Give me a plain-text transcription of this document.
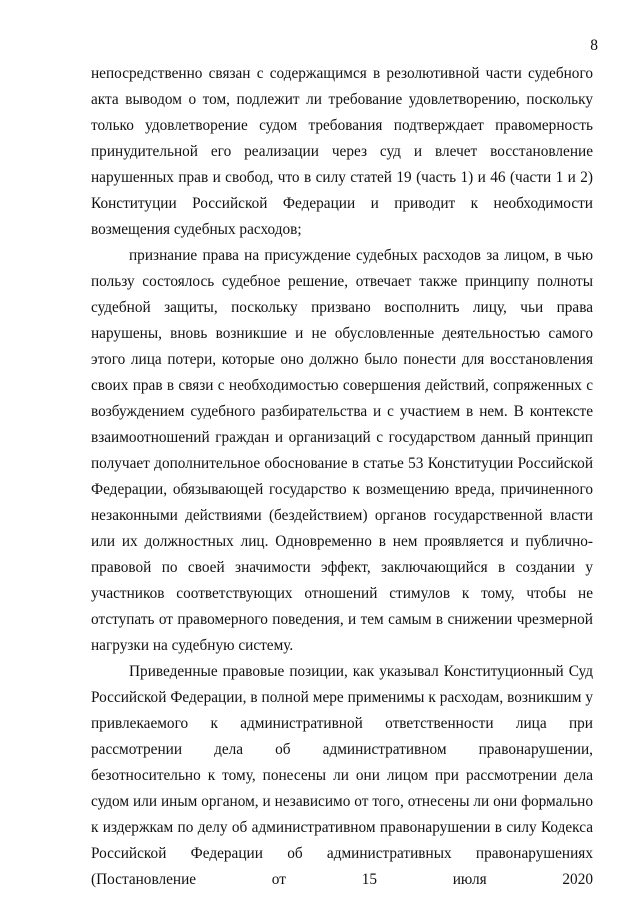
8

непосредственно связан с содержащимся в резолютивной части судебного акта выводом о том, подлежит ли требование удовлетворению, поскольку только удовлетворение судом требования подтверждает правомерность принудительной его реализации через суд и влечет восстановление нарушенных прав и свобод, что в силу статей 19 (часть 1) и 46 (части 1 и 2) Конституции Российской Федерации и приводит к необходимости возмещения судебных расходов;

признание права на присуждение судебных расходов за лицом, в чью пользу состоялось судебное решение, отвечает также принципу полноты судебной защиты, поскольку призвано восполнить лицу, чьи права нарушены, вновь возникшие и не обусловленные деятельностью самого этого лица потери, которые оно должно было понести для восстановления своих прав в связи с необходимостью совершения действий, сопряженных с возбуждением судебного разбирательства и с участием в нем. В контексте взаимоотношений граждан и организаций с государством данный принцип получает дополнительное обоснование в статье 53 Конституции Российской Федерации, обязывающей государство к возмещению вреда, причиненного незаконными действиями (бездействием) органов государственной власти или их должностных лиц. Одновременно в нем проявляется и публично-правовой по своей значимости эффект, заключающийся в создании у участников соответствующих отношений стимулов к тому, чтобы не отступать от правомерного поведения, и тем самым в снижении чрезмерной нагрузки на судебную систему.

Приведенные правовые позиции, как указывал Конституционный Суд Российской Федерации, в полной мере применимы к расходам, возникшим у привлекаемого к административной ответственности лица при рассмотрении дела об административном правонарушении, безотносительно к тому, понесены ли они лицом при рассмотрении дела судом или иным органом, и независимо от того, отнесены ли они формально к издержкам по делу об административном правонарушении в силу Кодекса Российской Федерации об административных правонарушениях (Постановление от 15 июля 2020
